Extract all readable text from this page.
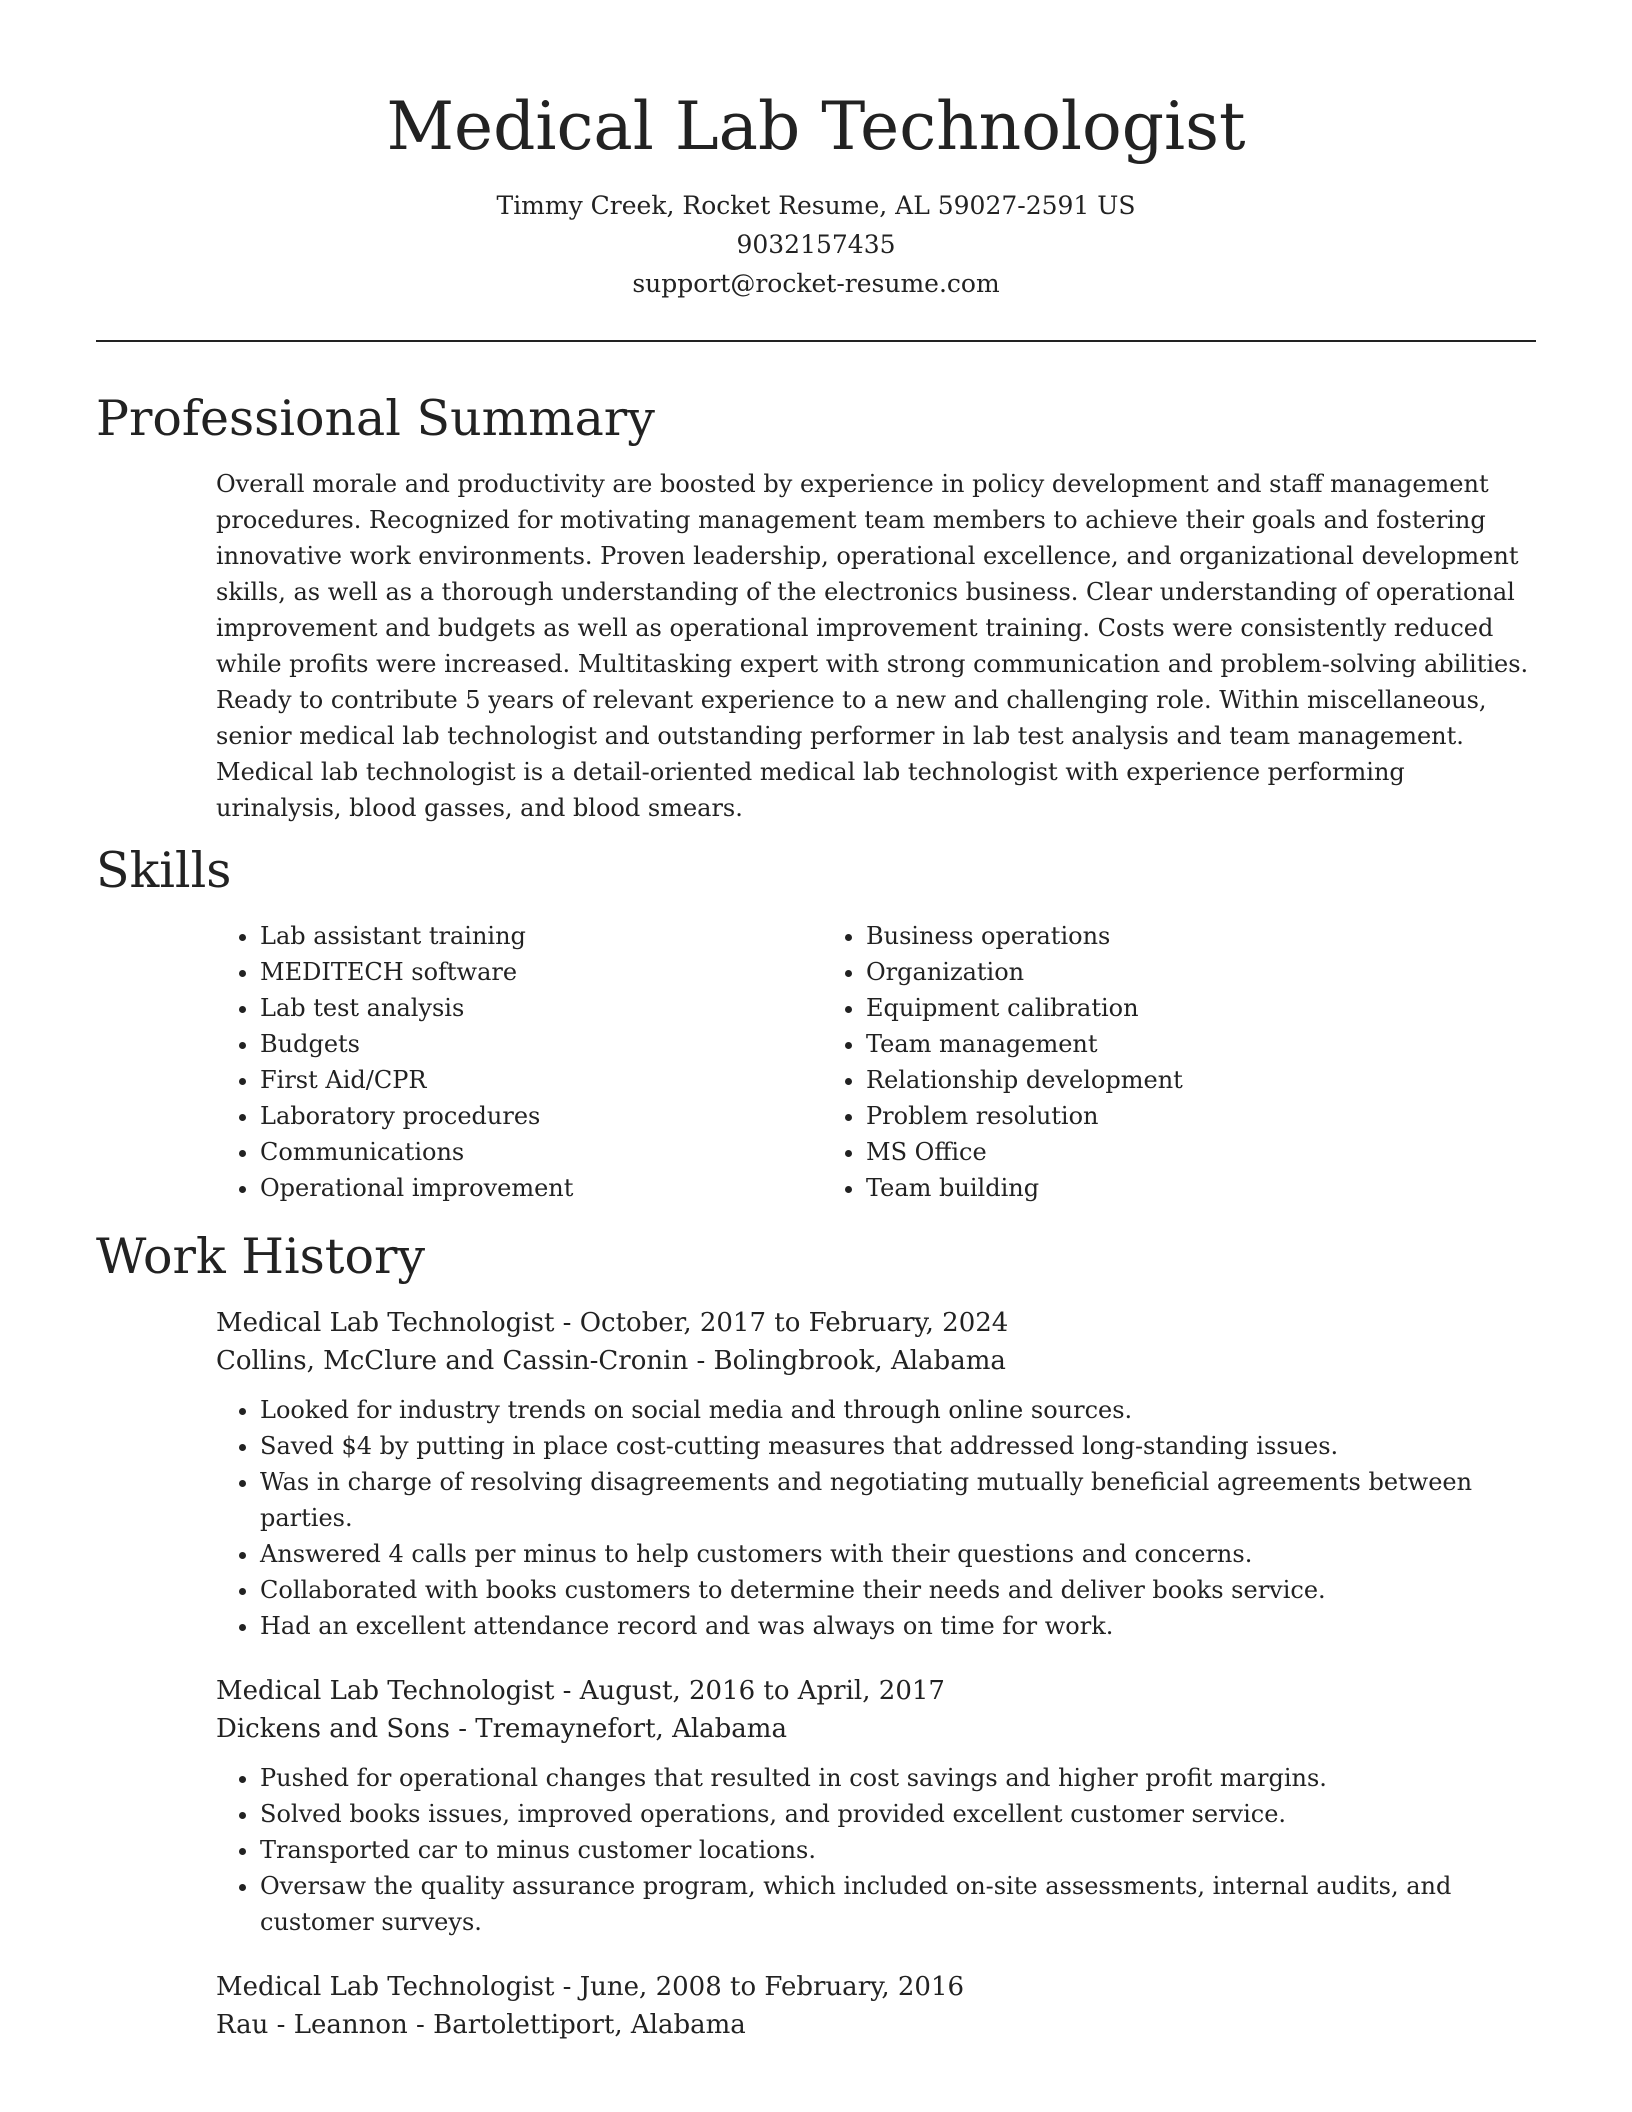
Medical Lab Technologist
Timmy Creek, Rocket Resume, AL 59027-2591 US
9032157435
support@rocket-resume.com
Professional Summary
Overall morale and productivity are boosted by experience in policy development and staff management procedures. Recognized for motivating management team members to achieve their goals and fostering innovative work environments. Proven leadership, operational excellence, and organizational development skills, as well as a thorough understanding of the electronics business. Clear understanding of operational improvement and budgets as well as operational improvement training. Costs were consistently reduced while profits were increased. Multitasking expert with strong communication and problem-solving abilities. Ready to contribute 5 years of relevant experience to a new and challenging role. Within miscellaneous, senior medical lab technologist and outstanding performer in lab test analysis and team management. Medical lab technologist is a detail-oriented medical lab technologist with experience performing urinalysis, blood gasses, and blood smears.
Skills
• Lab assistant training
• MEDITECH software
• Lab test analysis
• Budgets
• First Aid/CPR
• Laboratory procedures
• Communications
• Operational improvement
• Business operations
• Organization
• Equipment calibration
• Team management
• Relationship development
• Problem resolution
• MS Office
• Team building
Work History
Medical Lab Technologist - October, 2017 to February, 2024
Collins, McClure and Cassin-Cronin - Bolingbrook, Alabama
• Looked for industry trends on social media and through online sources.
• Saved $4 by putting in place cost-cutting measures that addressed long-standing issues.
• Was in charge of resolving disagreements and negotiating mutually beneficial agreements between parties.
• Answered 4 calls per minus to help customers with their questions and concerns.
• Collaborated with books customers to determine their needs and deliver books service.
• Had an excellent attendance record and was always on time for work.
Medical Lab Technologist - August, 2016 to April, 2017
Dickens and Sons - Tremaynefort, Alabama
• Pushed for operational changes that resulted in cost savings and higher profit margins.
• Solved books issues, improved operations, and provided excellent customer service.
• Transported car to minus customer locations.
• Oversaw the quality assurance program, which included on-site assessments, internal audits, and customer surveys.
Medical Lab Technologist - June, 2008 to February, 2016
Rau - Leannon - Bartolettiport, Alabama
